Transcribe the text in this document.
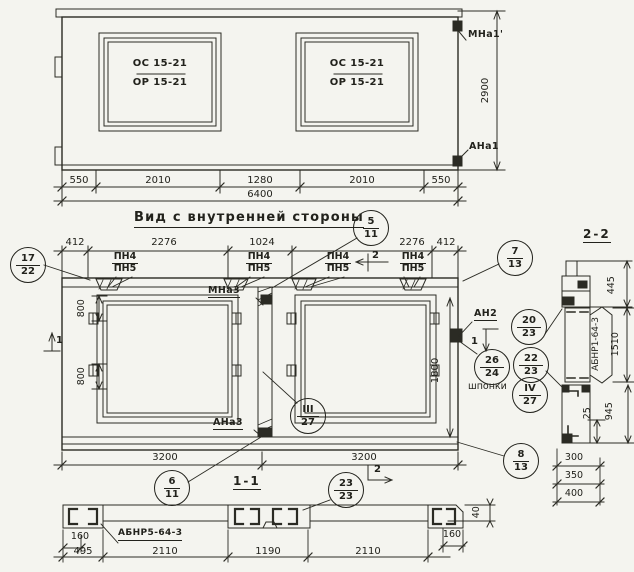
ОС 15-21
ОР 15-21
ОС 15-21
ОР 15-21
550	2010	1280	2010	550
6400
2900
МНа1'
АНа1
Вид с внутренней стороны
412	2276	1024	2276	412
ПН4
ПН5
ПН4
ПН5
ПН4
ПН5
ПН4
ПН5
2
2
1	1
МНа3
АНа3
АН2
шпонки
800
800	1800
3200	3200
5
11
17
22
7
13
20
23
26
24
22
23
IV
27
III
27
6
11
8
13
23
23
2-2
445
АБНР1-64-3 1510
25 945
300
350
400
1-1
АБНР5-64-3
160	160
40
495	2110	1190	2110
